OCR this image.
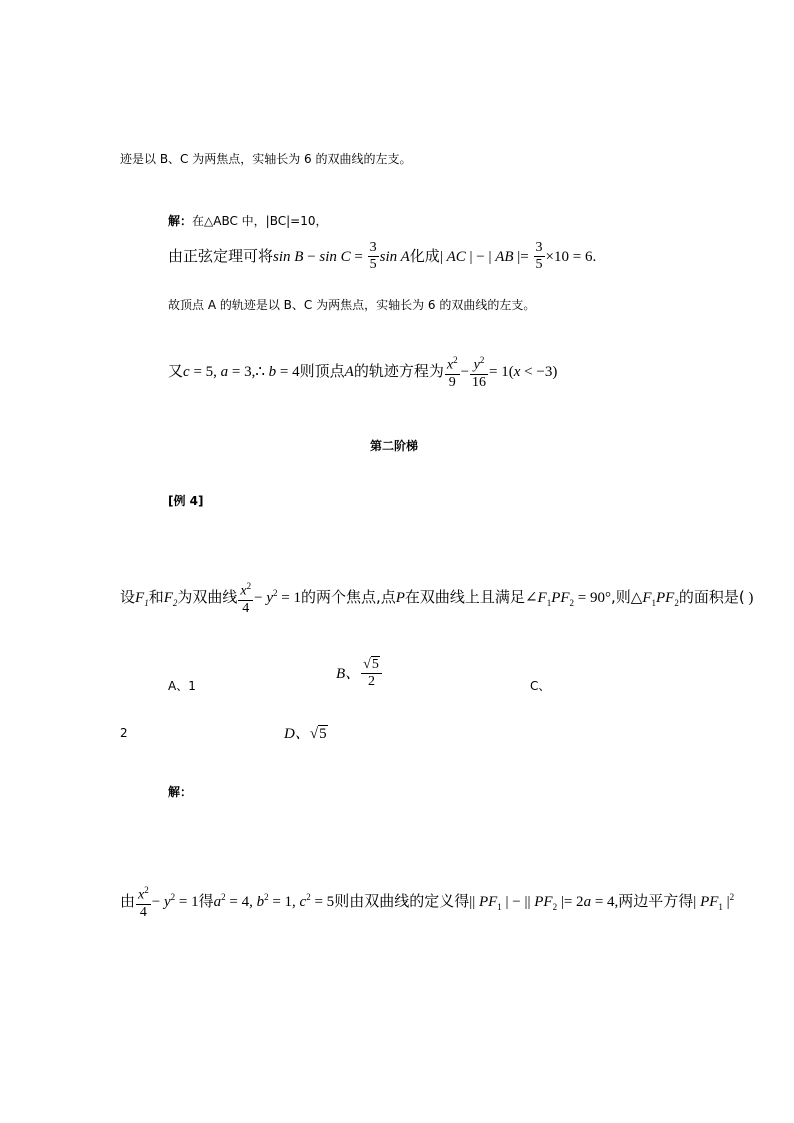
迹是以 B、C 为两焦点，实轴长为 6 的双曲线的左支。
解：在△ABC 中，|BC|=10，
由正弦定理可将$\sin B - \sin C = \frac{3}{5}$ sin A化成| AC | − | AB |= $\frac{3}{5} \times 10 = 6$.
故顶点 A 的轨迹是以 B、C 为两焦点，实轴长为 6 的双曲线的左支。
又c = 5, a = 3,∴ b = 4则顶点A的轨迹方程为 $\frac{x^2}{9} - \frac{y^2}{16} = 1(x < -3)$
第二阶梯
[例 4]
设$F_1$和$F_2$为双曲线 $\frac{x^2}{4} - y^2 = 1$的两个焦点,点P在双曲线上且满足$\angle F_1PF_2 = 90^\circ$,则$\triangle F_1PF_2$的面积是( )
A、1
B、 $\frac{√5}{2}$	C、
2	D、√5
解：
由 $\frac{x^2}{4} - y^2 = 1$得$a^2 = 4$, $b^2 = 1$, $c^2 = 5$则由双曲线的定义得|| $PF_1$ | − || $PF_2$ |= 2a = 4,两边平方得| $PF_1$ $|^2$
